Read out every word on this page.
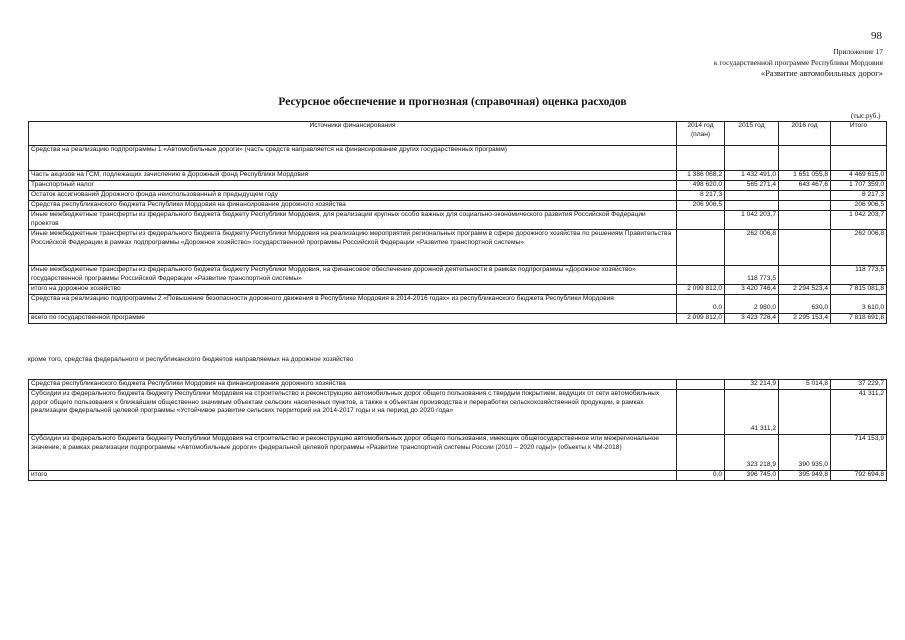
98
Приложение 17
к государственной программе Республики Мордовия
«Развитие автомобильных дорог»
Ресурсное обеспечение и прогнозная (справочная) оценка расходов
(тыс.руб.)
Источники финансирования	2014 год (план)	2015 год	2016 год	Итого
Средства на реализацию подпрограммы 1 «Автомобильные дороги» (часть средств направляется на финансирование других государственных программ)				
Часть акцизов на ГСМ, подлежащих зачислению в Дорожный фонд Республики Мордовия	1 386 068,2	1 432 491,0	1 651 055,8	4 469 615,0
Транспортный налог	498 620,0	565 271,4	643 467,6	1 707 359,0
Остаток ассигнований Дорожного фонда неиспользованный в предыдущем году	8 217,3			8 217,3
Средства республиканского бюджета Республики Мордовия на финансирование дорожного хозяйства	206 906,5			206 906,5
Иные межбюджетные трансферты из федерального бюджета бюджету Республики Мордовия, для реализации крупных особо важных для социально-экономического развития Российской Федерации проектов		1 042 203,7		1 042 203,7
Иные межбюджетные трансферты из федерального бюджета бюджету Республики Мордовия на реализацию мероприятий региональных программ в сфере дорожного хозяйства по решениям Правительства Российской Федерации в рамках подпрограммы «Дорожное хозяйство» государственной программы Российской Федерации «Развитие транспортной системы»		262 006,8		262 006,8
Иные межбюджетные трансферты из федерального бюджета бюджету Республики Мордовия, на финансовое обеспечение дорожной деятельности в рамках подпрограммы «Дорожное хозяйство» государственной программы Российской Федерации «Развитие транспортной системы»		118 773,5		118 773,5
итого на дорожное хозяйство	2 099 812,0	3 420 746,4	2 294 523,4	7 815 081,8
Средства на реализацию подпрограммы 2 «Повышение безопасности дорожного движения в Республике Мордовия в 2014-2016 годах» из республиканского бюджета Республики Мордовия	0,0	2 980,0	630,0	3 610,0
всего по государственной программе	2 099 812,0	3 423 726,4	2 295 153,4	7 818 691,8
кроме того, средства федерального и республиканского бюджетов направляемых на дорожное хозяйство
Средства республиканского бюджета Республики Мордовия на финансирование дорожного хозяйства		32 214,9	5 014,8	37 229,7
Субсидии из федерального бюджета бюджету Республики Мордовия на строительство и реконструкцию автомобильных дорог общего пользования с твердым покрытием, ведущих от сети автомобильных дорог общего пользования к ближайшим общественно значимым объектам сельских населенных пунктов, а также к объектам производства и переработки сельскохозяйственной продукции, в рамках реализации федеральной целевой программы «Устойчивое развитие сельских территорий на 2014-2017 годы и на период до 2020 года»		41 311,2		41 311,2
Субсидии из федерального бюджета бюджету Республики Мордовия на строительство и реконструкцию автомобильных дорог общего пользования, имеющих общегосударственное или межрегиональное значение, в рамках реализации подпрограммы «Автомобильные дороги» федеральной целевой программы «Развитие транспортной системы России (2010 – 2020 годы)» (объекты к ЧМ-2018)		323 218,9	390 935,0	714 153,9
итого	0,0	396 745,0	395 949,8	792 694,8
